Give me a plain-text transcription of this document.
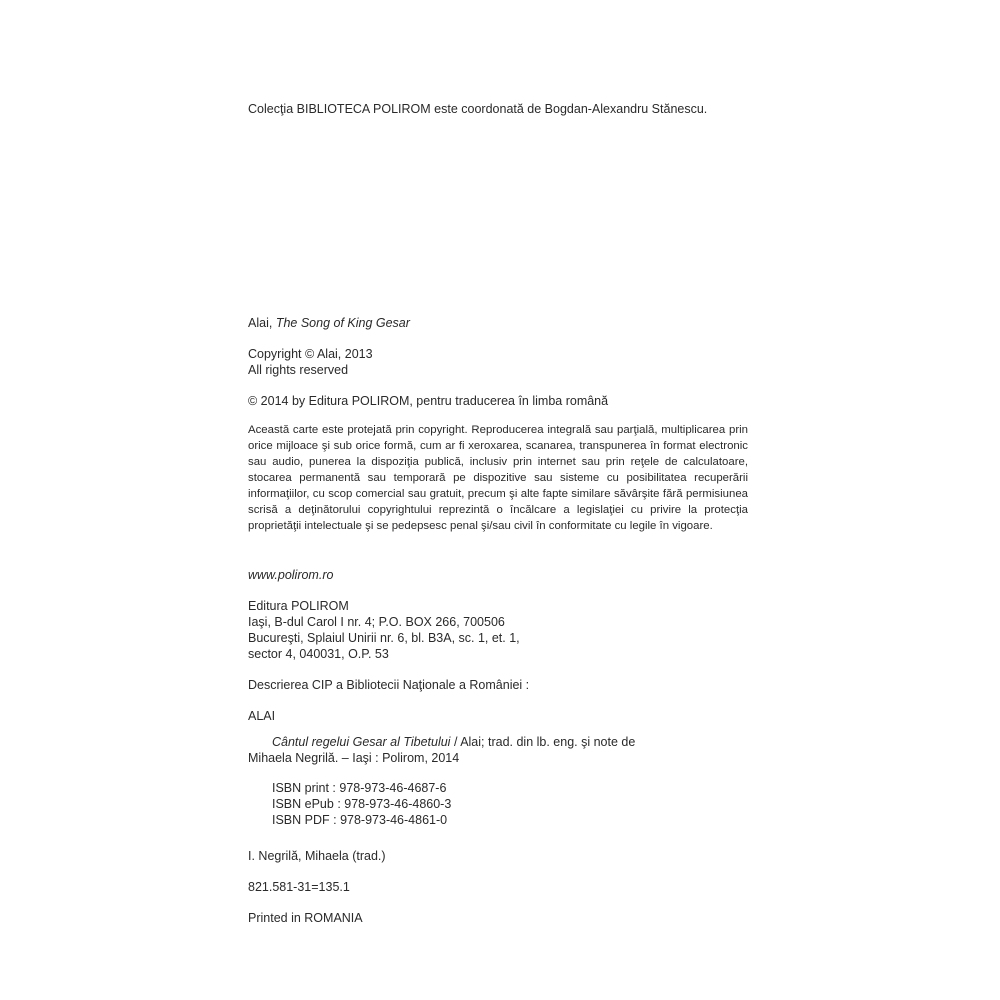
Colecţia BIBLIOTECA POLIROM este coordonată de Bogdan-Alexandru Stănescu.
Alai, The Song of King Gesar
Copyright © Alai, 2013
All rights reserved
© 2014 by Editura POLIROM, pentru traducerea în limba română
Această carte este protejată prin copyright. Reproducerea integrală sau parţială, multiplicarea prin orice mijloace şi sub orice formă, cum ar fi xeroxarea, scanarea, transpunerea în format electronic sau audio, punerea la dispoziţia publică, inclusiv prin internet sau prin reţele de calculatoare, stocarea permanentă sau temporară pe dispozitive sau sisteme cu posibilitatea recuperării informaţiilor, cu scop comercial sau gratuit, precum şi alte fapte similare săvârşite fără permisiunea scrisă a deţinătorului copyrightului reprezintă o încălcare a legislaţiei cu privire la protecţia proprietăţii intelectuale şi se pedepsesc penal şi/sau civil în conformitate cu legile în vigoare.
www.polirom.ro
Editura POLIROM
Iaşi, B-dul Carol I nr. 4; P.O. BOX 266, 700506
Bucureşti, Splaiul Unirii nr. 6, bl. B3A, sc. 1, et. 1,
sector 4, 040031, O.P. 53
Descrierea CIP a Bibliotecii Naţionale a României :
ALAI
Cântul regelui Gesar al Tibetului / Alai; trad. din lb. eng. şi note de
Mihaela Negrilă. – Iaşi : Polirom, 2014
ISBN print : 978-973-46-4687-6
ISBN ePub : 978-973-46-4860-3
ISBN PDF : 978-973-46-4861-0
I. Negrilă, Mihaela (trad.)
821.581-31=135.1
Printed in ROMANIA
